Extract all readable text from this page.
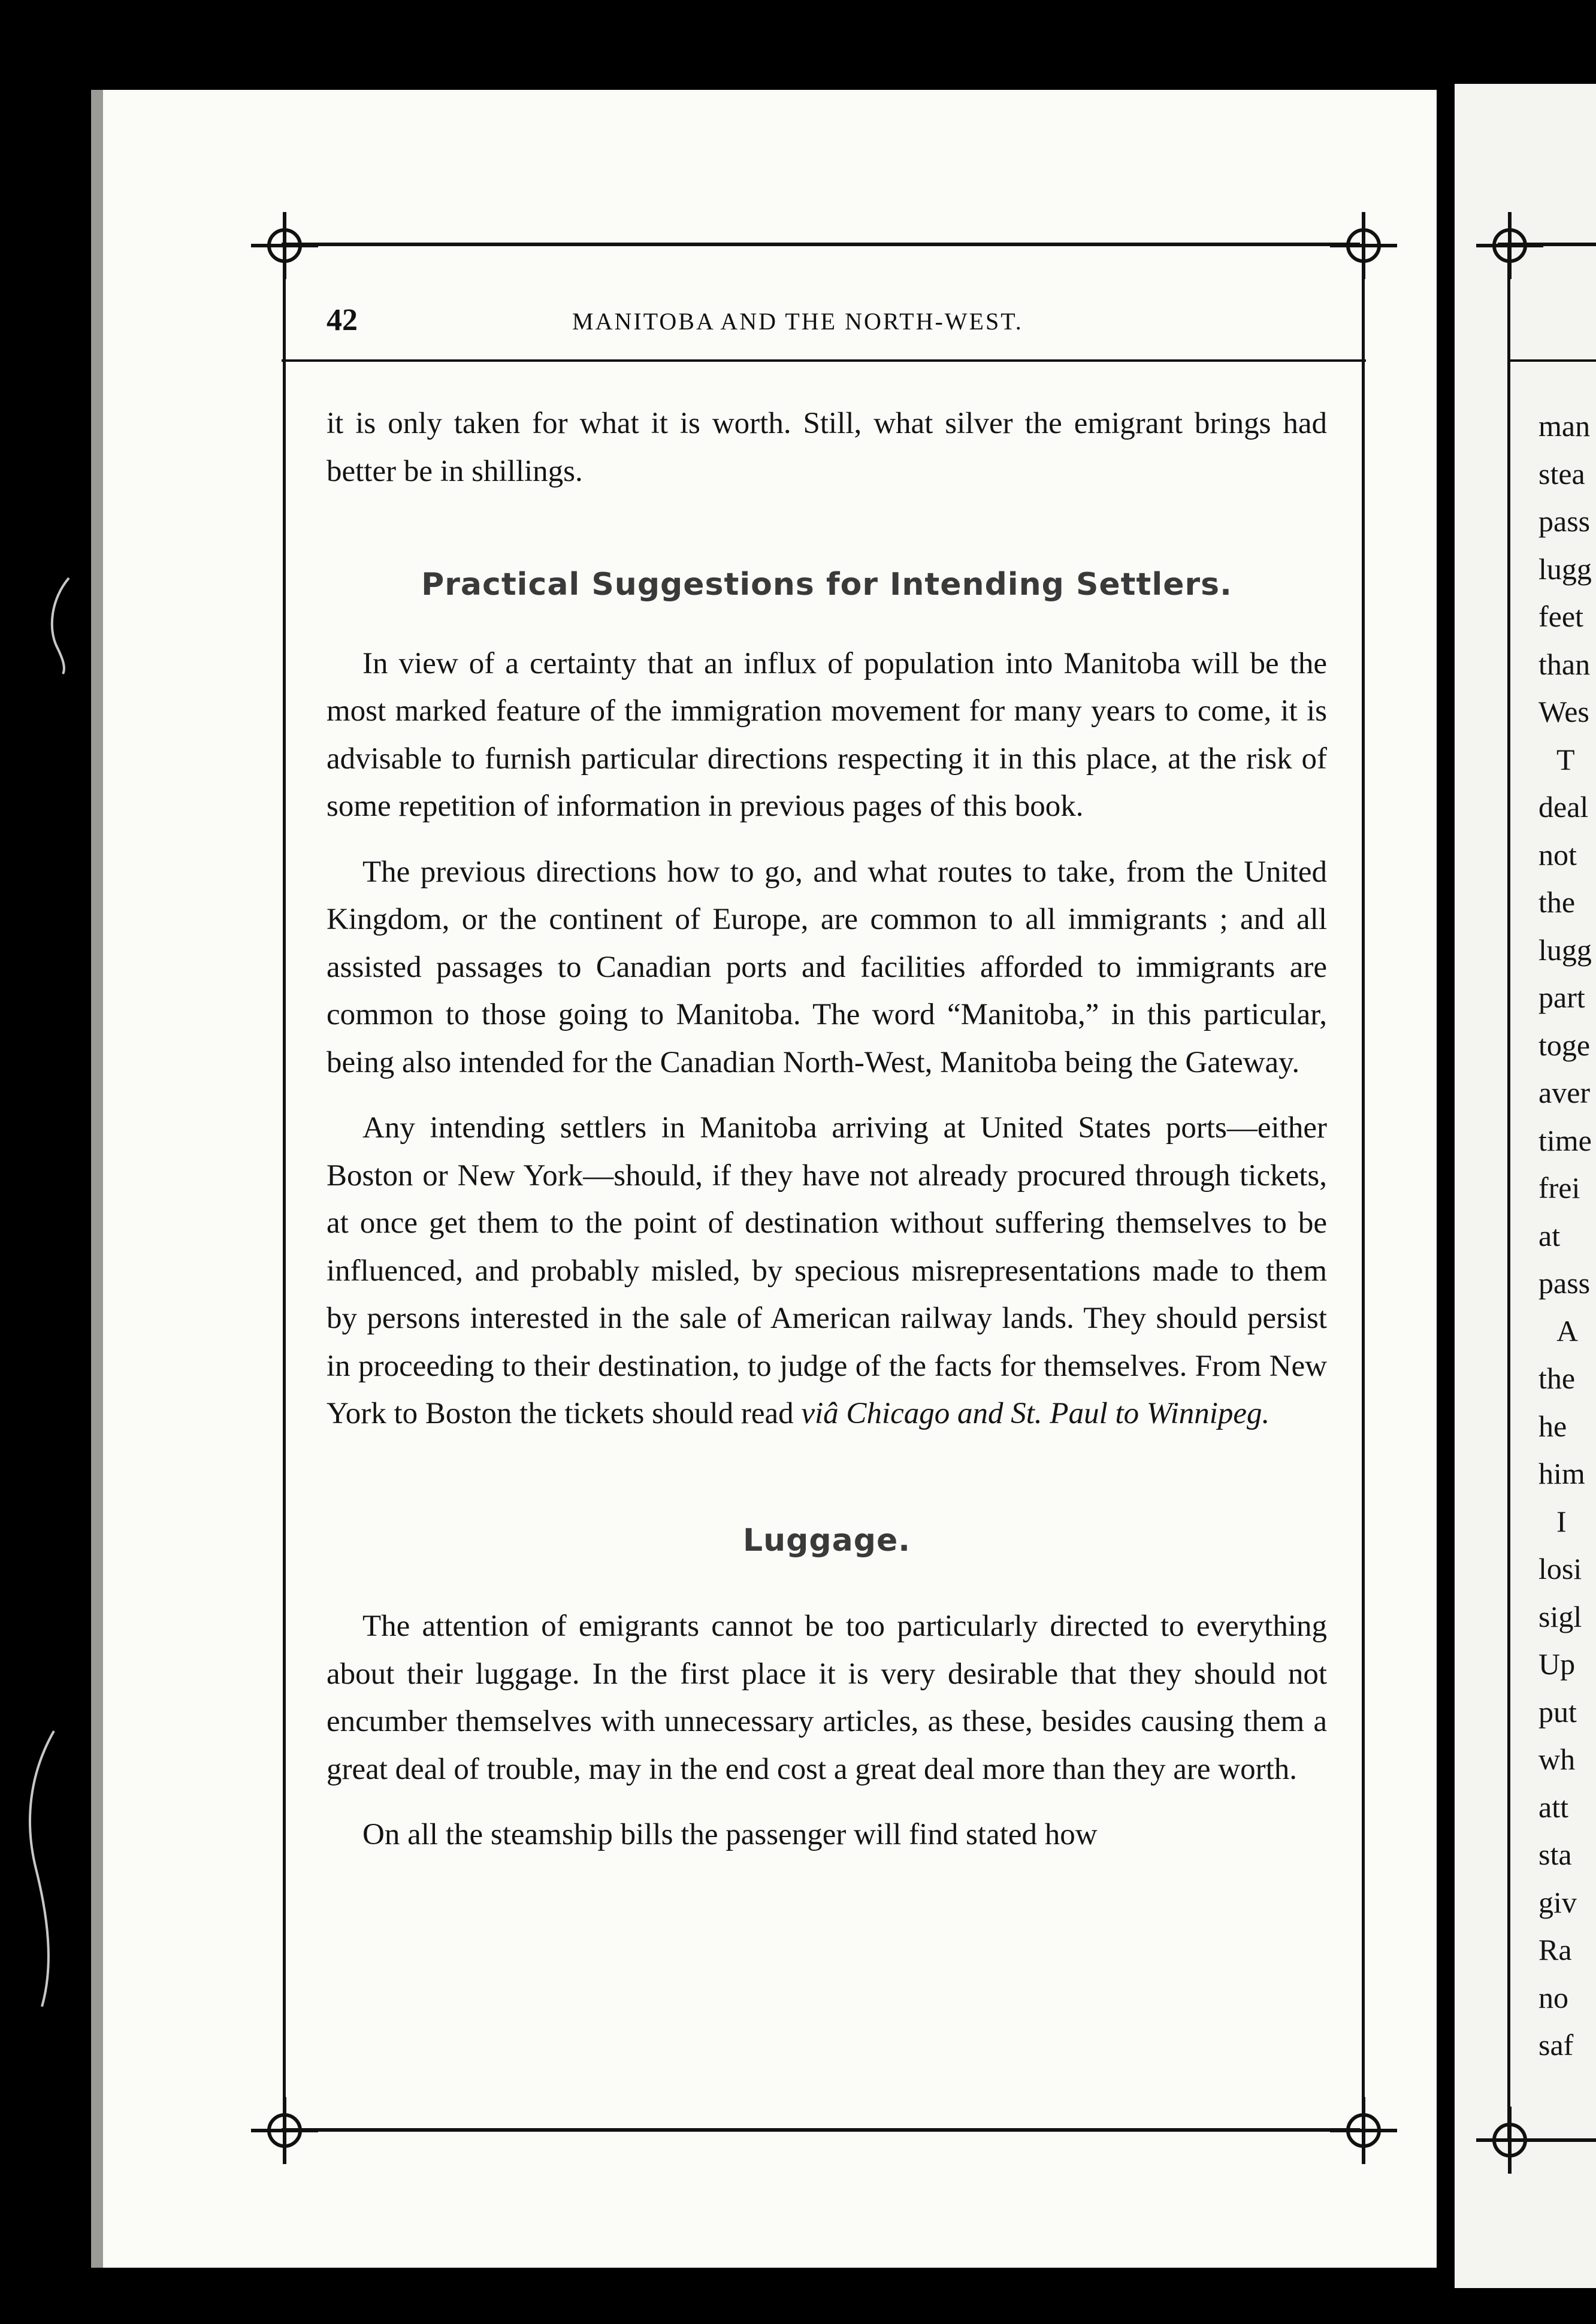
42	MANITOBA AND THE NORTH-WEST.

it is only taken for what it is worth. Still, what silver the emigrant brings had better be in shillings.

Practical Suggestions for Intending Settlers.

In view of a certainty that an influx of population into Manitoba will be the most marked feature of the immigration movement for many years to come, it is advisable to furnish particular directions respecting it in this place, at the risk of some repetition of information in previous pages of this book.

The previous directions how to go, and what routes to take, from the United Kingdom, or the continent of Europe, are common to all immigrants ; and all assisted passages to Canadian ports and facilities afforded to immigrants are common to those going to Manitoba. The word “Manitoba,” in this particular, being also intended for the Canadian North-West, Manitoba being the Gateway.

Any intending settlers in Manitoba arriving at United States ports—either Boston or New York—should, if they have not already procured through tickets, at once get them to the point of destination without suffering themselves to be influenced, and probably misled, by specious misrepresentations made to them by persons interested in the sale of American railway lands. They should persist in proceeding to their destination, to judge of the facts for themselves. From New York to Boston the tickets should read viâ Chicago and St. Paul to Winnipeg.

Luggage.

The attention of emigrants cannot be too particularly directed to everything about their luggage. In the first place it is very desirable that they should not encumber themselves with unnecessary articles, as these, besides causing them a great deal of trouble, may in the end cost a great deal more than they are worth.

On all the steamship bills the passenger will find stated how

man
stea
pass
lugg
feet
than
Wes
T
deal
not
the
lugg
part
toge
aver
time
frei
at
pass
A
the
he
him
I
losi
sigl
Up
put
wh
att
sta
giv
Ra
no
saf
